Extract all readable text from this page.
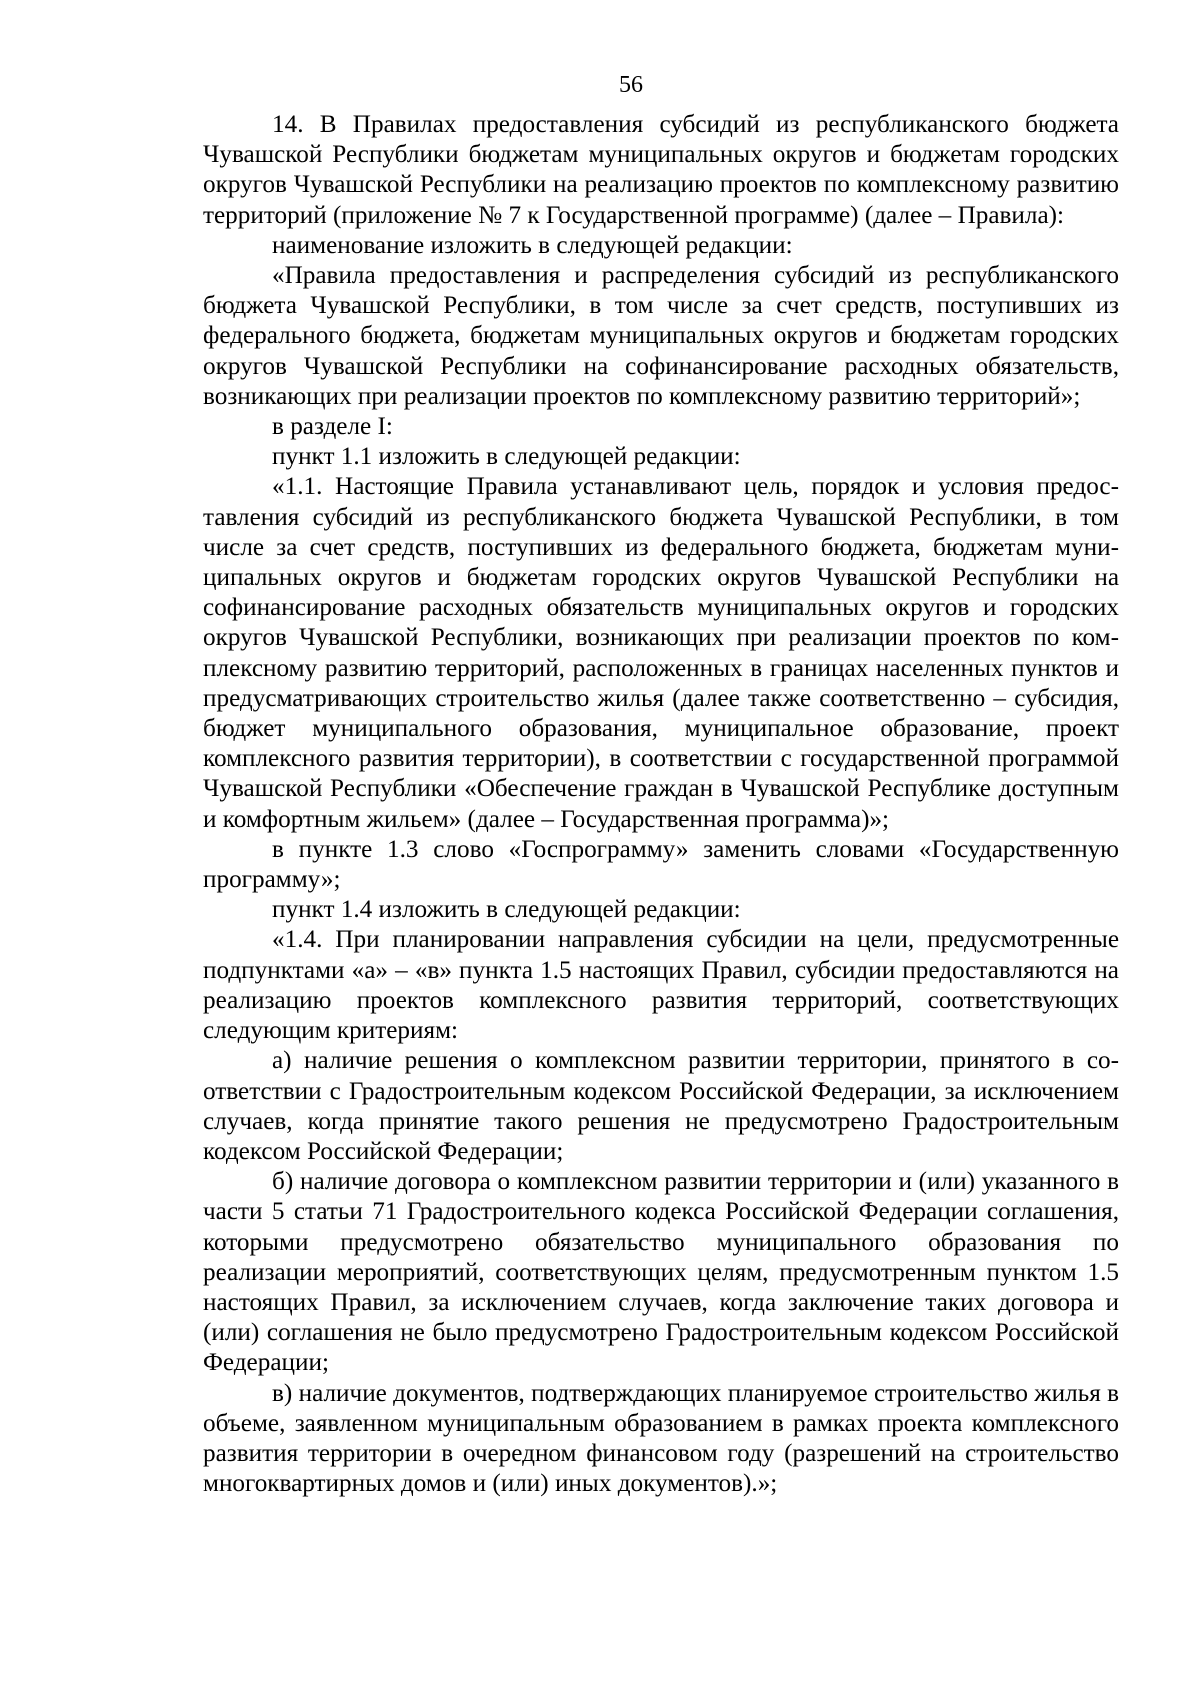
56

14. В Правилах предоставления субсидий из республиканского бюджета Чувашской Республики бюджетам муниципальных округов и бюджетам городских округов Чувашской Республики на реализацию проектов по комплексному развитию территорий (приложение № 7 к Государственной программе) (далее – Правила):

наименование изложить в следующей редакции:

«Правила предоставления и распределения субсидий из республиканского бюджета Чувашской Республики, в том числе за счет средств, поступивших из федерального бюджета, бюджетам муниципальных округов и бюджетам городских округов Чувашской Республики на софинансирование расходных обязательств, возникающих при реализации проектов по комплексному развитию территорий»;

в разделе I:

пункт 1.1 изложить в следующей редакции:

«1.1. Настоящие Правила устанавливают цель, порядок и условия предоставления субсидий из республиканского бюджета Чувашской Республики, в том числе за счет средств, поступивших из федерального бюджета, бюджетам муниципальных округов и бюджетам городских округов Чувашской Республики на софинансирование расходных обязательств муниципальных округов и городских округов Чувашской Республики, возникающих при реализации проектов по комплексному развитию территорий, расположенных в границах населенных пунктов и предусматривающих строительство жилья (далее также соответственно – субсидия, бюджет муниципального образования, муниципальное образование, проект комплексного развития территории), в соответствии с государственной программой Чувашской Республики «Обеспечение граждан в Чувашской Республике доступным и комфортным жильем» (далее – Государственная программа)»;

в пункте 1.3 слово «Госпрограмму» заменить словами «Государственную программу»;

пункт 1.4 изложить в следующей редакции:

«1.4. При планировании направления субсидии на цели, предусмотренные подпунктами «а» – «в» пункта 1.5 настоящих Правил, субсидии предоставляются на реализацию проектов комплексного развития территорий, соответствующих следующим критериям:

а) наличие решения о комплексном развитии территории, принятого в соответствии с Градостроительным кодексом Российской Федерации, за исключением случаев, когда принятие такого решения не предусмотрено Градостроительным кодексом Российской Федерации;

б) наличие договора о комплексном развитии территории и (или) указанного в части 5 статьи 71 Градостроительного кодекса Российской Федерации соглашения, которыми предусмотрено обязательство муниципального образования по реализации мероприятий, соответствующих целям, предусмотренным пунктом 1.5 настоящих Правил, за исключением случаев, когда заключение таких договора и (или) соглашения не было предусмотрено Градостроительным кодексом Российской Федерации;

в) наличие документов, подтверждающих планируемое строительство жилья в объеме, заявленном муниципальным образованием в рамках проекта комплексного развития территории в очередном финансовом году (разрешений на строительство многоквартирных домов и (или) иных документов).»;
